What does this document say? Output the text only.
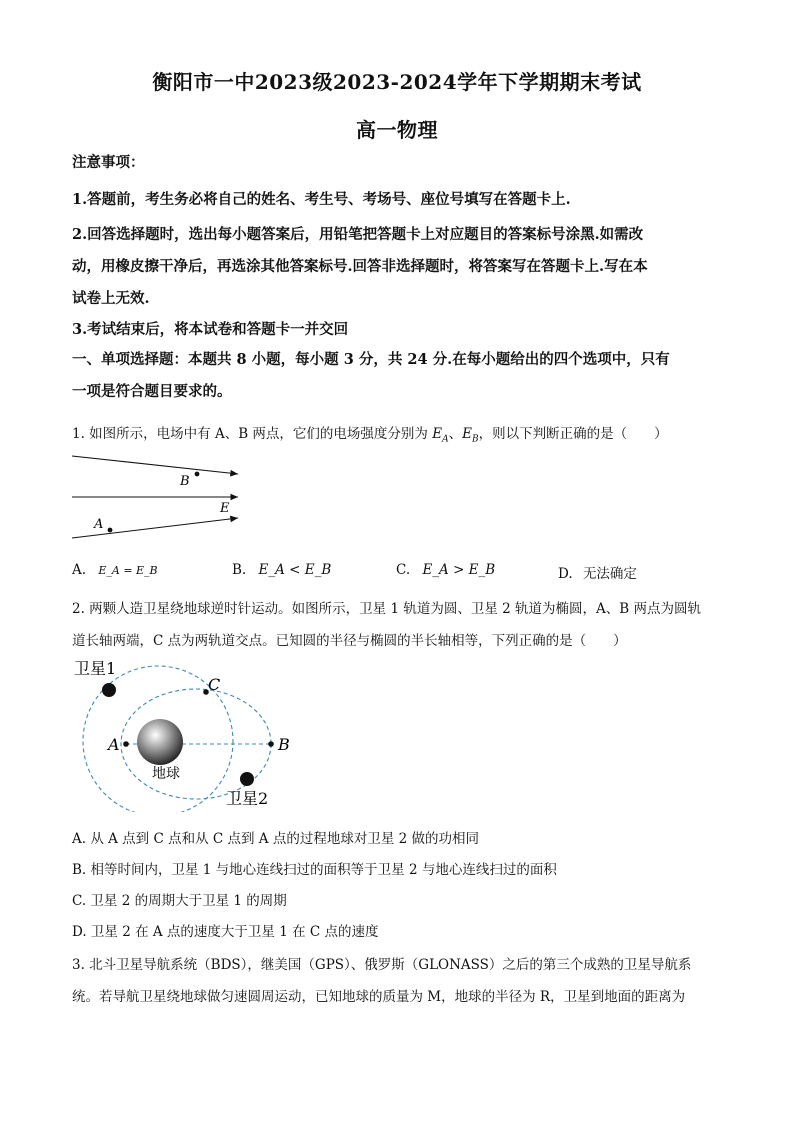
衡阳市一中2023级2023-2024学年下学期期末考试
高一物理
注意事项：
1.答题前，考生务必将自己的姓名、考生号、考场号、座位号填写在答题卡上.
2.回答选择题时，选出每小题答案后，用铅笔把答题卡上对应题目的答案标号涂黑.如需改
动，用橡皮擦干净后，再选涂其他答案标号.回答非选择题时，将答案写在答题卡上.写在本
试卷上无效.
3.考试结束后，将本试卷和答题卡一并交回
一、单项选择题：本题共 8 小题，每小题 3 分，共 24 分.在每小题给出的四个选项中，只有
一项是符合题目要求的。
1. 如图所示，电场中有 A、B 两点，它们的电场强度分别为 $E_A$、$E_B$，则以下判断正确的是（　　）
B
A
E
A. E_A = E_B	B. E_A < E_B	C. E_A > E_B	D. 无法确定
2. 两颗人造卫星绕地球逆时针运动。如图所示，卫星 1 轨道为圆、卫星 2 轨道为椭圆，A、B 两点为圆轨
道长轴两端，C 点为两轨道交点。已知圆的半径与椭圆的半长轴相等，下列正确的是（　　）
卫星1
卫星2
地球
A	B
C
A. 从 A 点到 C 点和从 C 点到 A 点的过程地球对卫星 2 做的功相同
B. 相等时间内，卫星 1 与地心连线扫过的面积等于卫星 2 与地心连线扫过的面积
C. 卫星 2 的周期大于卫星 1 的周期
D. 卫星 2 在 A 点的速度大于卫星 1 在 C 点的速度
3. 北斗卫星导航系统（BDS），继美国（GPS）、俄罗斯（GLONASS）之后的第三个成熟的卫星导航系
统。若导航卫星绕地球做匀速圆周运动，已知地球的质量为 M，地球的半径为 R，卫星到地面的距离为
